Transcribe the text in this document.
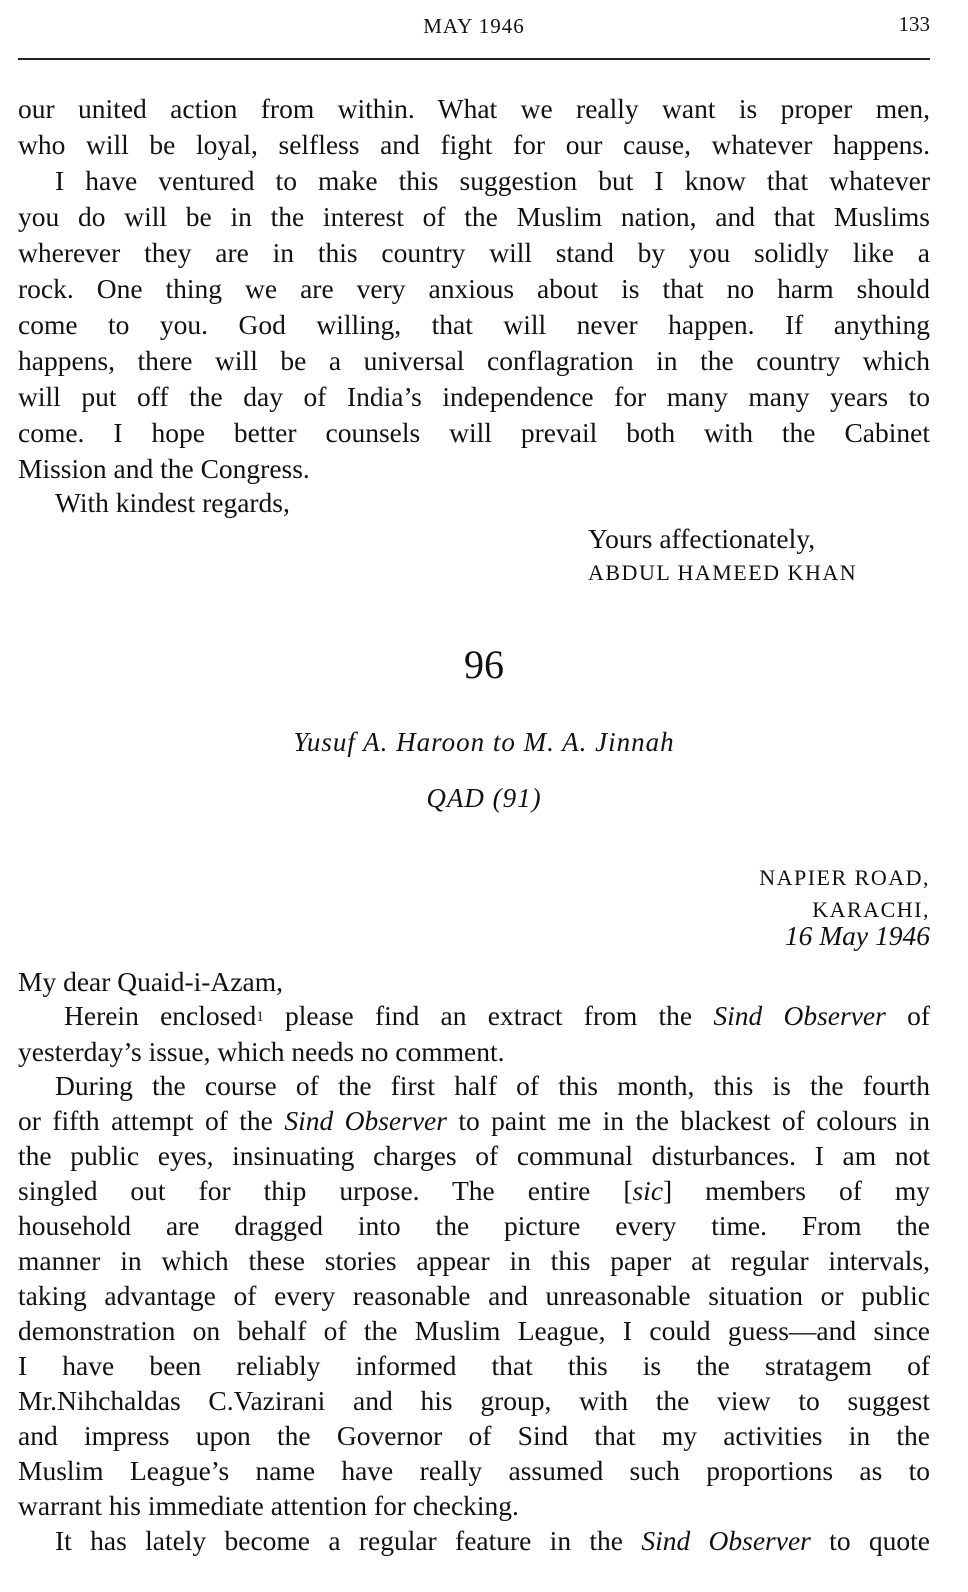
MAY 1946	133
our united action from within. What we really want is proper men,
who will be loyal, selfless and fight for our cause, whatever happens.
I have ventured to make this suggestion but I know that whatever
you do will be in the interest of the Muslim nation, and that Muslims
wherever they are in this country will stand by you solidly like a
rock. One thing we are very anxious about is that no harm should
come to you. God willing, that will never happen. If anything
happens, there will be a universal conflagration in the country which
will put off the day of India’s independence for many many years to
come. I hope better counsels will prevail both with the Cabinet
Mission and the Congress.
With kindest regards,
Yours affectionately,
ABDUL HAMEED KHAN
96
Yusuf A. Haroon to M. A. Jinnah
QAD (91)
NAPIER ROAD,
KARACHI,
16 May 1946
My dear Quaid-i-Azam,
Herein enclosed$^1$ please find an extract from the Sind Observer of
yesterday’s issue, which needs no comment.
During the course of the first half of this month, this is the fourth
or fifth attempt of the Sind Observer to paint me in the blackest of colours in
the public eyes, insinuating charges of communal disturbances. I am not
singled out for thip urpose. The entire [sic] members of my
household are dragged into the picture every time. From the
manner in which these stories appear in this paper at regular intervals,
taking advantage of every reasonable and unreasonable situation or public
demonstration on behalf of the Muslim League, I could guess—and since
I have been reliably informed that this is the stratagem of
Mr.Nihchaldas C.Vazirani and his group, with the view to suggest
and impress upon the Governor of Sind that my activities in the
Muslim League’s name have really assumed such proportions as to
warrant his immediate attention for checking.
It has lately become a regular feature in the Sind Observer to quote
